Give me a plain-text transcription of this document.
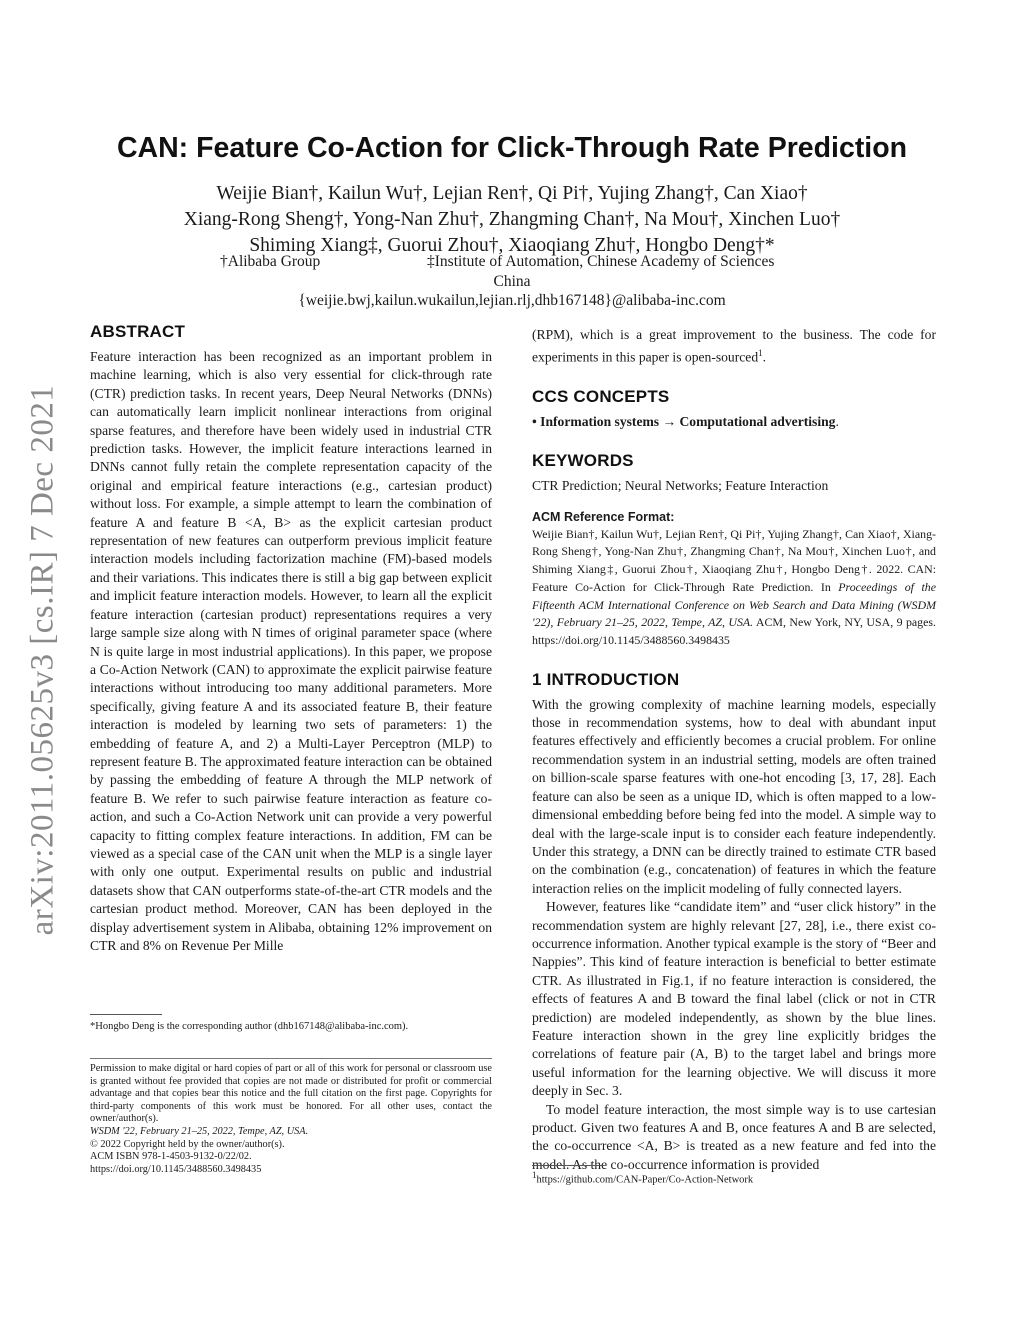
arXiv:2011.05625v3 [cs.IR] 7 Dec 2021
CAN: Feature Co-Action for Click-Through Rate Prediction
Weijie Bian†, Kailun Wu†, Lejian Ren†, Qi Pi†, Yujing Zhang†, Can Xiao†
Xiang-Rong Sheng†, Yong-Nan Zhu†, Zhangming Chan†, Na Mou†, Xinchen Luo†
Shiming Xiang‡, Guorui Zhou†, Xiaoqiang Zhu†, Hongbo Deng†*
†Alibaba Group	‡Institute of Automation, Chinese Academy of Sciences
China
{weijie.bwj,kailun.wukailun,lejian.rlj,dhb167148}@alibaba-inc.com
ABSTRACT

Feature interaction has been recognized as an important problem in machine learning, which is also very essential for click-through rate (CTR) prediction tasks. In recent years, Deep Neural Networks (DNNs) can automatically learn implicit nonlinear interactions from original sparse features, and therefore have been widely used in industrial CTR prediction tasks. However, the implicit feature interactions learned in DNNs cannot fully retain the complete representation capacity of the original and empirical feature interactions (e.g., cartesian product) without loss. For example, a simple attempt to learn the combination of feature A and feature B <A, B> as the explicit cartesian product representation of new features can outperform previous implicit feature interaction models including factorization machine (FM)-based models and their variations. This indicates there is still a big gap between explicit and implicit feature interaction models. However, to learn all the explicit feature interaction (cartesian product) representations requires a very large sample size along with N times of original parameter space (where N is quite large in most industrial applications). In this paper, we propose a Co-Action Network (CAN) to approximate the explicit pairwise feature interactions without introducing too many additional parameters. More specifically, giving feature A and its associated feature B, their feature interaction is modeled by learning two sets of parameters: 1) the embedding of feature A, and 2) a Multi-Layer Perceptron (MLP) to represent feature B. The approximated feature interaction can be obtained by passing the embedding of feature A through the MLP network of feature B. We refer to such pairwise feature interaction as feature co-action, and such a Co-Action Network unit can provide a very powerful capacity to fitting complex feature interactions. In addition, FM can be viewed as a special case of the CAN unit when the MLP is a single layer with only one output. Experimental results on public and industrial datasets show that CAN outperforms state-of-the-art CTR models and the cartesian product method. Moreover, CAN has been deployed in the display advertisement system in Alibaba, obtaining 12% improvement on CTR and 8% on Revenue Per Mille

*Hongbo Deng is the corresponding author (dhb167148@alibaba-inc.com).
Permission to make digital or hard copies of part or all of this work for personal or classroom use is granted without fee provided that copies are not made or distributed for profit or commercial advantage and that copies bear this notice and the full citation on the first page. Copyrights for third-party components of this work must be honored. For all other uses, contact the owner/author(s).
WSDM '22, February 21–25, 2022, Tempe, AZ, USA.
© 2022 Copyright held by the owner/author(s).
ACM ISBN 978-1-4503-9132-0/22/02.
https://doi.org/10.1145/3488560.3498435

(RPM), which is a great improvement to the business. The code for experiments in this paper is open-sourced$^1$.

CCS CONCEPTS

• Information systems → Computational advertising.

KEYWORDS

CTR Prediction; Neural Networks; Feature Interaction

ACM Reference Format:

Weijie Bian†, Kailun Wu†, Lejian Ren†, Qi Pi†, Yujing Zhang†, Can Xiao†, Xiang-Rong Sheng†, Yong-Nan Zhu†, Zhangming Chan†, Na Mou†, Xinchen Luo†, and Shiming Xiang‡, Guorui Zhou†, Xiaoqiang Zhu†, Hongbo Deng†. 2022. CAN: Feature Co-Action for Click-Through Rate Prediction. In Proceedings of the Fifteenth ACM International Conference on Web Search and Data Mining (WSDM '22), February 21–25, 2022, Tempe, AZ, USA. ACM, New York, NY, USA, 9 pages. https://doi.org/10.1145/3488560.3498435

1 INTRODUCTION

With the growing complexity of machine learning models, especially those in recommendation systems, how to deal with abundant input features effectively and efficiently becomes a crucial problem. For online recommendation system in an industrial setting, models are often trained on billion-scale sparse features with one-hot encoding [3, 17, 28]. Each feature can also be seen as a unique ID, which is often mapped to a low-dimensional embedding before being fed into the model. A simple way to deal with the large-scale input is to consider each feature independently. Under this strategy, a DNN can be directly trained to estimate CTR based on the combination (e.g., concatenation) of features in which the feature interaction relies on the implicit modeling of fully connected layers.

However, features like “candidate item” and “user click history” in the recommendation system are highly relevant [27, 28], i.e., there exist co-occurrence information. Another typical example is the story of “Beer and Nappies”. This kind of feature interaction is beneficial to better estimate CTR. As illustrated in Fig.1, if no feature interaction is considered, the effects of features A and B toward the final label (click or not in CTR prediction) are modeled independently, as shown by the blue lines. Feature interaction shown in the grey line explicitly bridges the correlations of feature pair (A, B) to the target label and brings more useful information for the learning objective. We will discuss it more deeply in Sec. 3.

To model feature interaction, the most simple way is to use cartesian product. Given two features A and B, once features A and B are selected, the co-occurrence <A, B> is treated as a new feature and fed into the model. As the co-occurrence information is provided

$^1$https://github.com/CAN-Paper/Co-Action-Network
